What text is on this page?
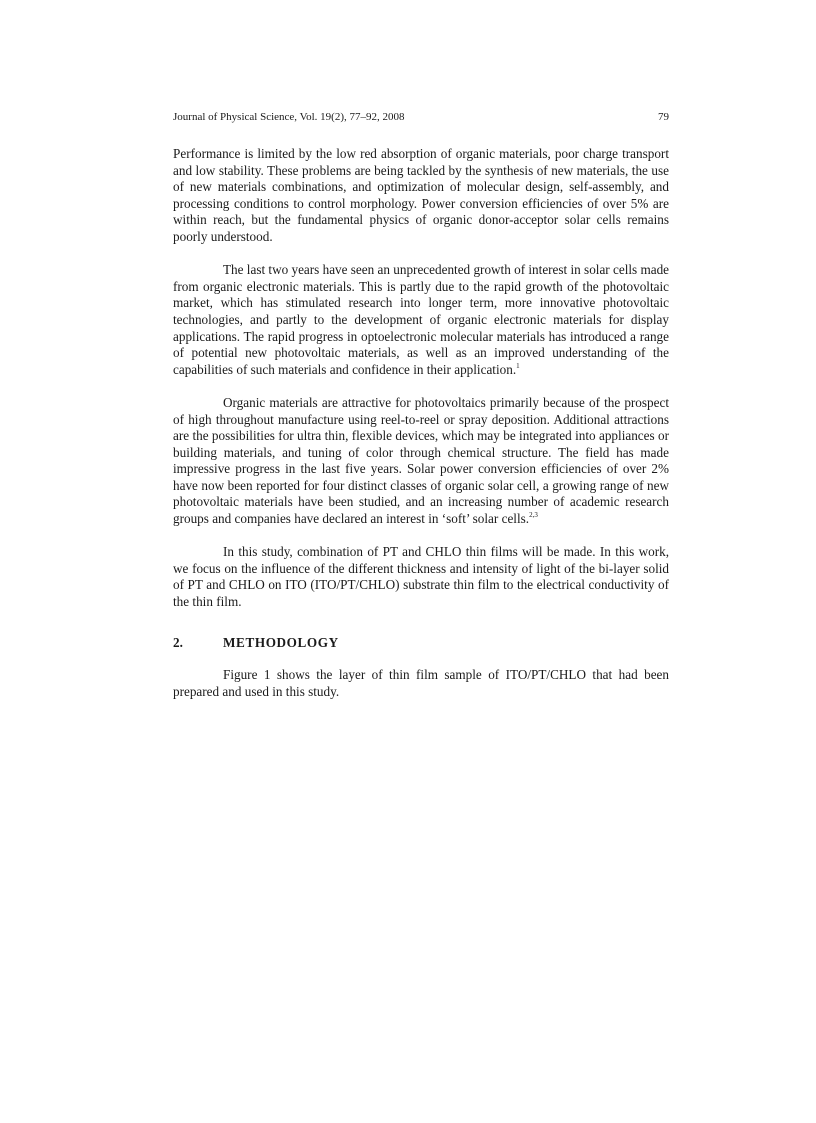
Journal of Physical Science, Vol. 19(2), 77–92, 2008	79

Performance is limited by the low red absorption of organic materials, poor charge transport and low stability. These problems are being tackled by the synthesis of new materials, the use of new materials combinations, and optimization of molecular design, self-assembly, and processing conditions to control morphology. Power conversion efficiencies of over 5% are within reach, but the fundamental physics of organic donor-acceptor solar cells remains poorly understood.

The last two years have seen an unprecedented growth of interest in solar cells made from organic electronic materials. This is partly due to the rapid growth of the photovoltaic market, which has stimulated research into longer term, more innovative photovoltaic technologies, and partly to the development of organic electronic materials for display applications. The rapid progress in optoelectronic molecular materials has introduced a range of potential new photovoltaic materials, as well as an improved understanding of the capabilities of such materials and confidence in their application.$^1$

Organic materials are attractive for photovoltaics primarily because of the prospect of high throughout manufacture using reel-to-reel or spray deposition. Additional attractions are the possibilities for ultra thin, flexible devices, which may be integrated into appliances or building materials, and tuning of color through chemical structure. The field has made impressive progress in the last five years. Solar power conversion efficiencies of over 2% have now been reported for four distinct classes of organic solar cell, a growing range of new photovoltaic materials have been studied, and an increasing number of academic research groups and companies have declared an interest in ‘soft’ solar cells.$^{2,3}$

In this study, combination of PT and CHLO thin films will be made. In this work, we focus on the influence of the different thickness and intensity of light of the bi-layer solid of PT and CHLO on ITO (ITO/PT/CHLO) substrate thin film to the electrical conductivity of the thin film.

2.	METHODOLOGY

Figure 1 shows the layer of thin film sample of ITO/PT/CHLO that had been prepared and used in this study.
